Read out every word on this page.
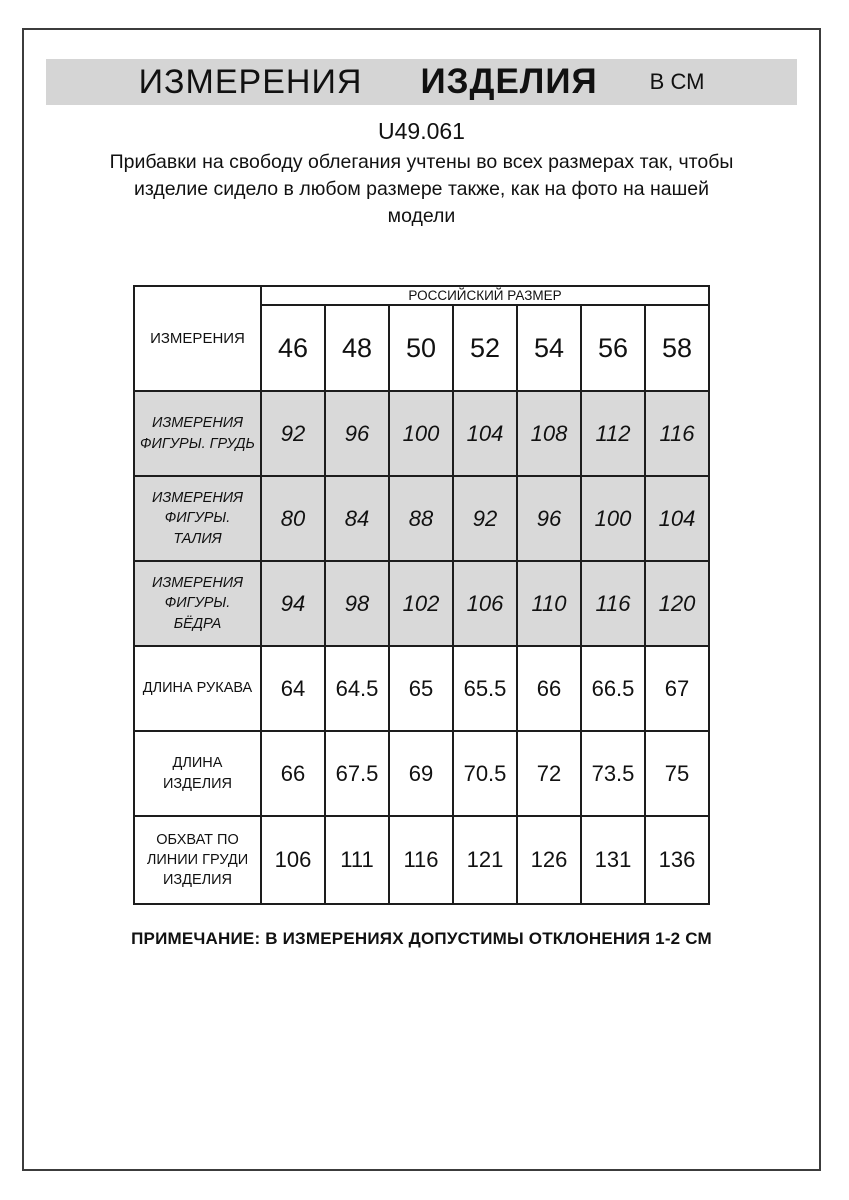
ИЗМЕРЕНИЯ ИЗДЕЛИЯ В СМ
U49.061

Прибавки на свободу облегания учтены во всех размерах так, чтобы изделие сидело в любом размере также, как на фото на нашей модели

ИЗМЕРЕНИЯ	РОССИЙСКИЙ РАЗМЕР						
	46	48	50	52	54	56	58
ИЗМЕРЕНИЯ ФИГУРЫ. ГРУДЬ	92	96	100	104	108	112	116
ИЗМЕРЕНИЯ ФИГУРЫ. ТАЛИЯ	80	84	88	92	96	100	104
ИЗМЕРЕНИЯ ФИГУРЫ. БЁДРА	94	98	102	106	110	116	120
ДЛИНА РУКАВА	64	64.5	65	65.5	66	66.5	67
ДЛИНА ИЗДЕЛИЯ	66	67.5	69	70.5	72	73.5	75
ОБХВАТ ПО ЛИНИИ ГРУДИ ИЗДЕЛИЯ	106	111	116	121	126	131	136
ПРИМЕЧАНИЕ: В ИЗМЕРЕНИЯХ ДОПУСТИМЫ ОТКЛОНЕНИЯ 1-2 СМ
